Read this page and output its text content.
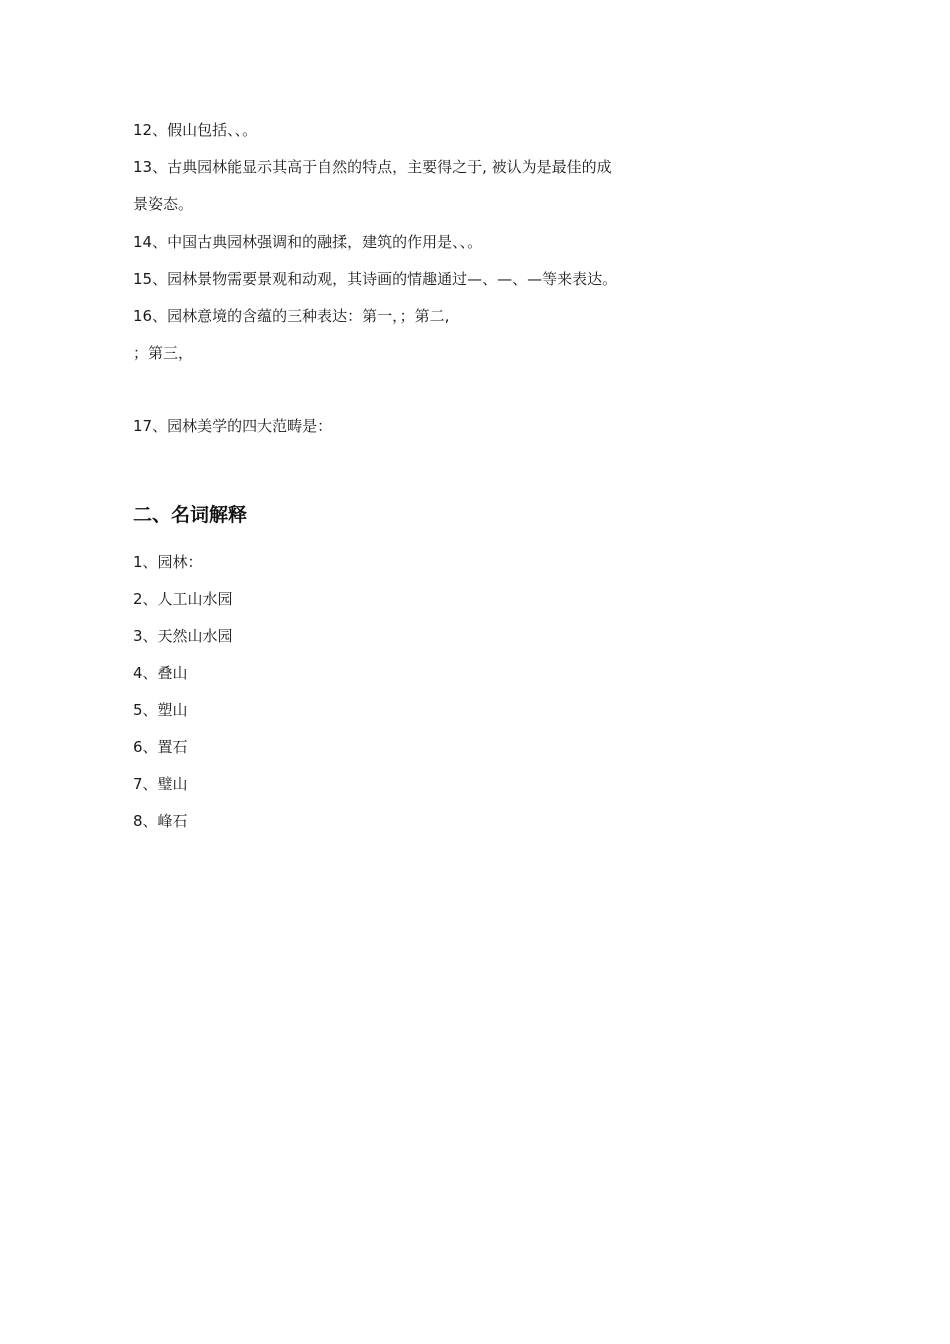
12、假山包括、、。
13、古典园林能显示其高于自然的特点，主要得之于, 被认为是最佳的成
景姿态。
14、中国古典园林强调和的融揉，建筑的作用是、、。
15、园林景物需要景观和动观，其诗画的情趣通过—、—、—等来表达。
16、园林意境的含蕴的三种表达：第一，；第二,
；第三，
17、园林美学的四大范畴是：
二、名词解释
1、园林：
2、人工山水园
3、天然山水园
4、叠山
5、塑山
6、置石
7、璧山
8、峰石
